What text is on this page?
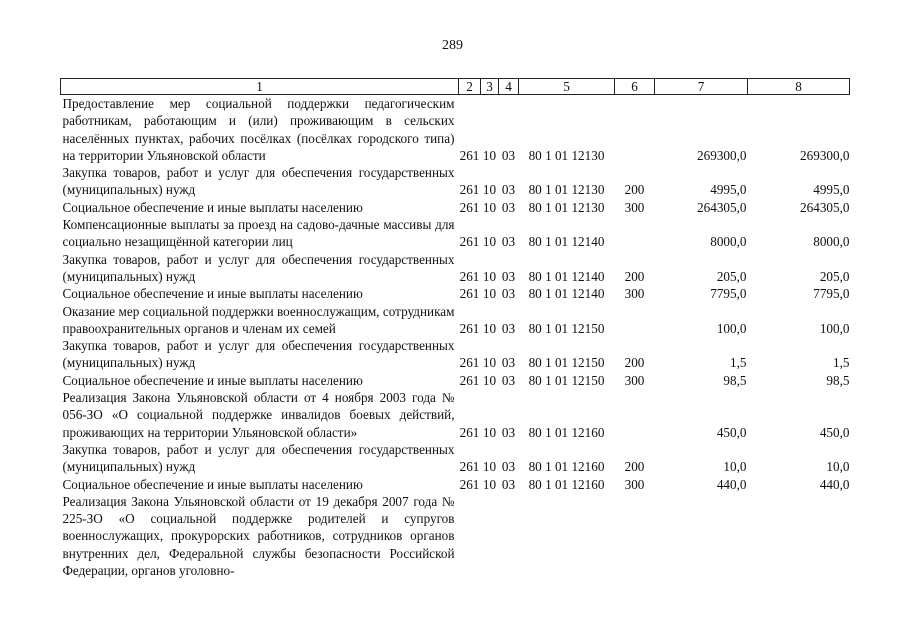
289
1	2	3	4	5	6	7	8
Предоставление мер социальной поддержки педагогическим работникам, работающим и (или) проживающим в сельских населённых пунктах, рабочих посёлках (посёлках городского типа) на территории Ульяновской области	261	10	03	80 1 01 12130		269300,0	269300,0
Закупка товаров, работ и услуг для обеспечения государственных (муниципальных) нужд	261	10	03	80 1 01 12130	200	4995,0	4995,0
Социальное обеспечение и иные выплаты населению	261	10	03	80 1 01 12130	300	264305,0	264305,0
Компенсационные выплаты за проезд на садово-дачные массивы для социально незащищённой категории лиц	261	10	03	80 1 01 12140		8000,0	8000,0
Закупка товаров, работ и услуг для обеспечения государственных (муниципальных) нужд	261	10	03	80 1 01 12140	200	205,0	205,0
Социальное обеспечение и иные выплаты населению	261	10	03	80 1 01 12140	300	7795,0	7795,0
Оказание мер социальной поддержки военнослужащим, сотрудникам правоохранительных органов и членам их семей	261	10	03	80 1 01 12150		100,0	100,0
Закупка товаров, работ и услуг для обеспечения государственных (муниципальных) нужд	261	10	03	80 1 01 12150	200	1,5	1,5
Социальное обеспечение и иные выплаты населению	261	10	03	80 1 01 12150	300	98,5	98,5
Реализация Закона Ульяновской области от 4 ноября 2003 года № 056-ЗО «О социальной поддержке инвалидов боевых действий, проживающих на территории Ульяновской области»	261	10	03	80 1 01 12160		450,0	450,0
Закупка товаров, работ и услуг для обеспечения государственных (муниципальных) нужд	261	10	03	80 1 01 12160	200	10,0	10,0
Социальное обеспечение и иные выплаты населению	261	10	03	80 1 01 12160	300	440,0	440,0
Реализация Закона Ульяновской области от 19 декабря 2007 года № 225-ЗО «О социальной поддержке родителей и супругов военнослужащих, прокурорских работников, сотрудников органов внутренних дел, Федеральной службы безопасности Российской Федерации, органов уголовно-							
